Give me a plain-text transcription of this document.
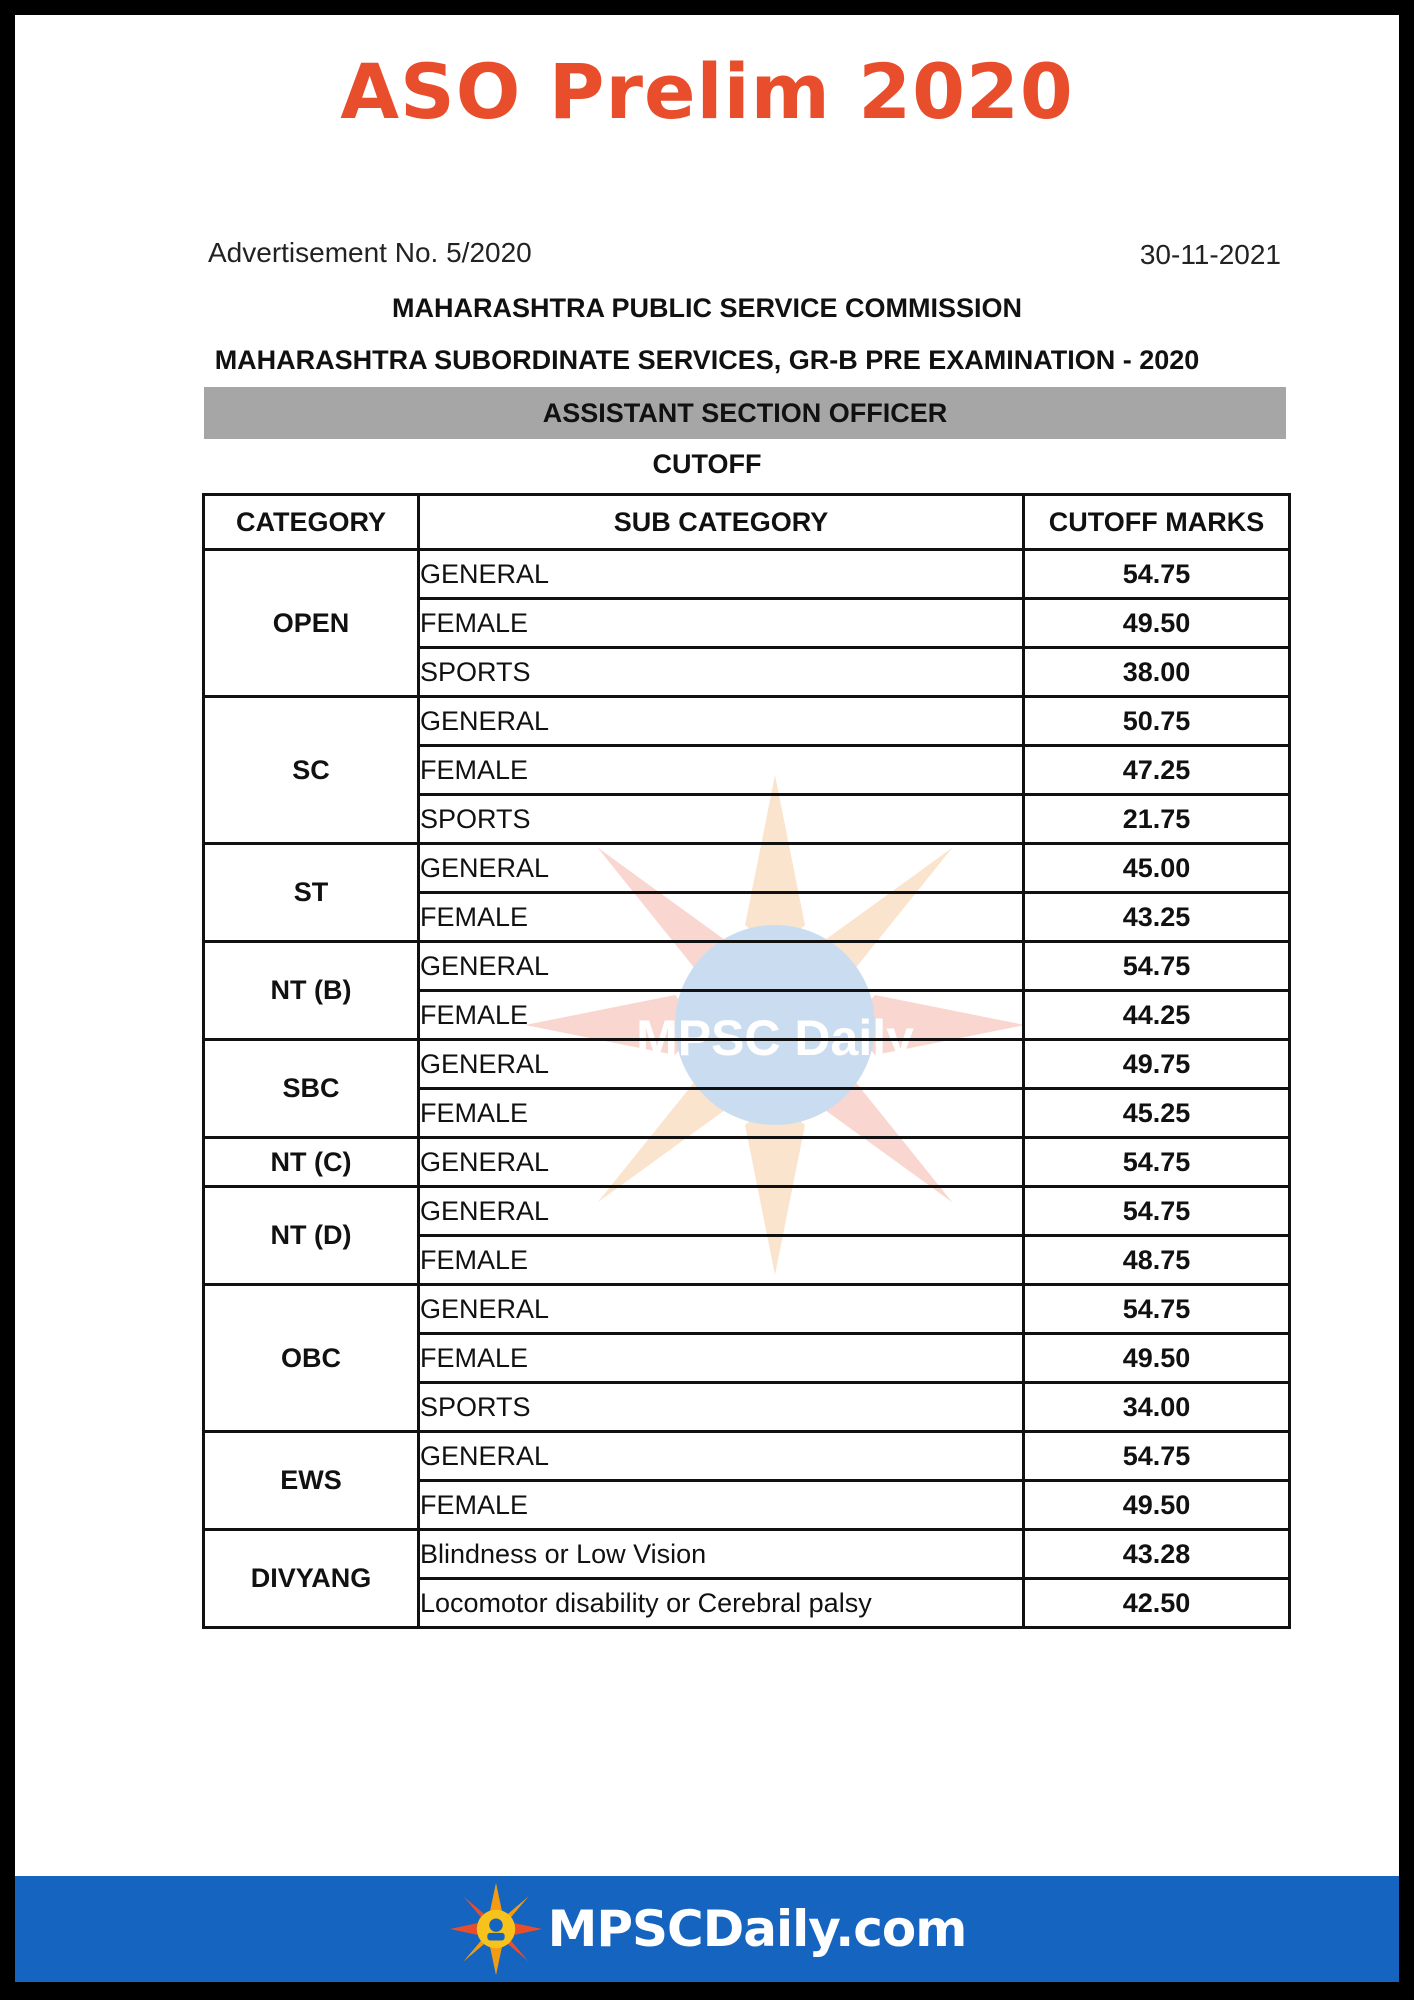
ASO Prelim 2020
Advertisement No. 5/2020	30-11-2021
MAHARASHTRA PUBLIC SERVICE COMMISSION
MAHARASHTRA SUBORDINATE SERVICES, GR-B PRE EXAMINATION - 2020
ASSISTANT SECTION OFFICER
CUTOFF
MPSC Daily
CATEGORY	SUB CATEGORY	CUTOFF MARKS
OPEN	GENERAL	54.75
	FEMALE	49.50
	SPORTS	38.00
SC	GENERAL	50.75
	FEMALE	47.25
	SPORTS	21.75
ST	GENERAL	45.00
	FEMALE	43.25
NT (B)	GENERAL	54.75
	FEMALE	44.25
SBC	GENERAL	49.75
	FEMALE	45.25
NT (C)	GENERAL	54.75
NT (D)	GENERAL	54.75
	FEMALE	48.75
OBC	GENERAL	54.75
	FEMALE	49.50
	SPORTS	34.00
EWS	GENERAL	54.75
	FEMALE	49.50
DIVYANG	Blindness or Low Vision	43.28
	Locomotor disability or Cerebral palsy	42.50
MPSCDaily.com
